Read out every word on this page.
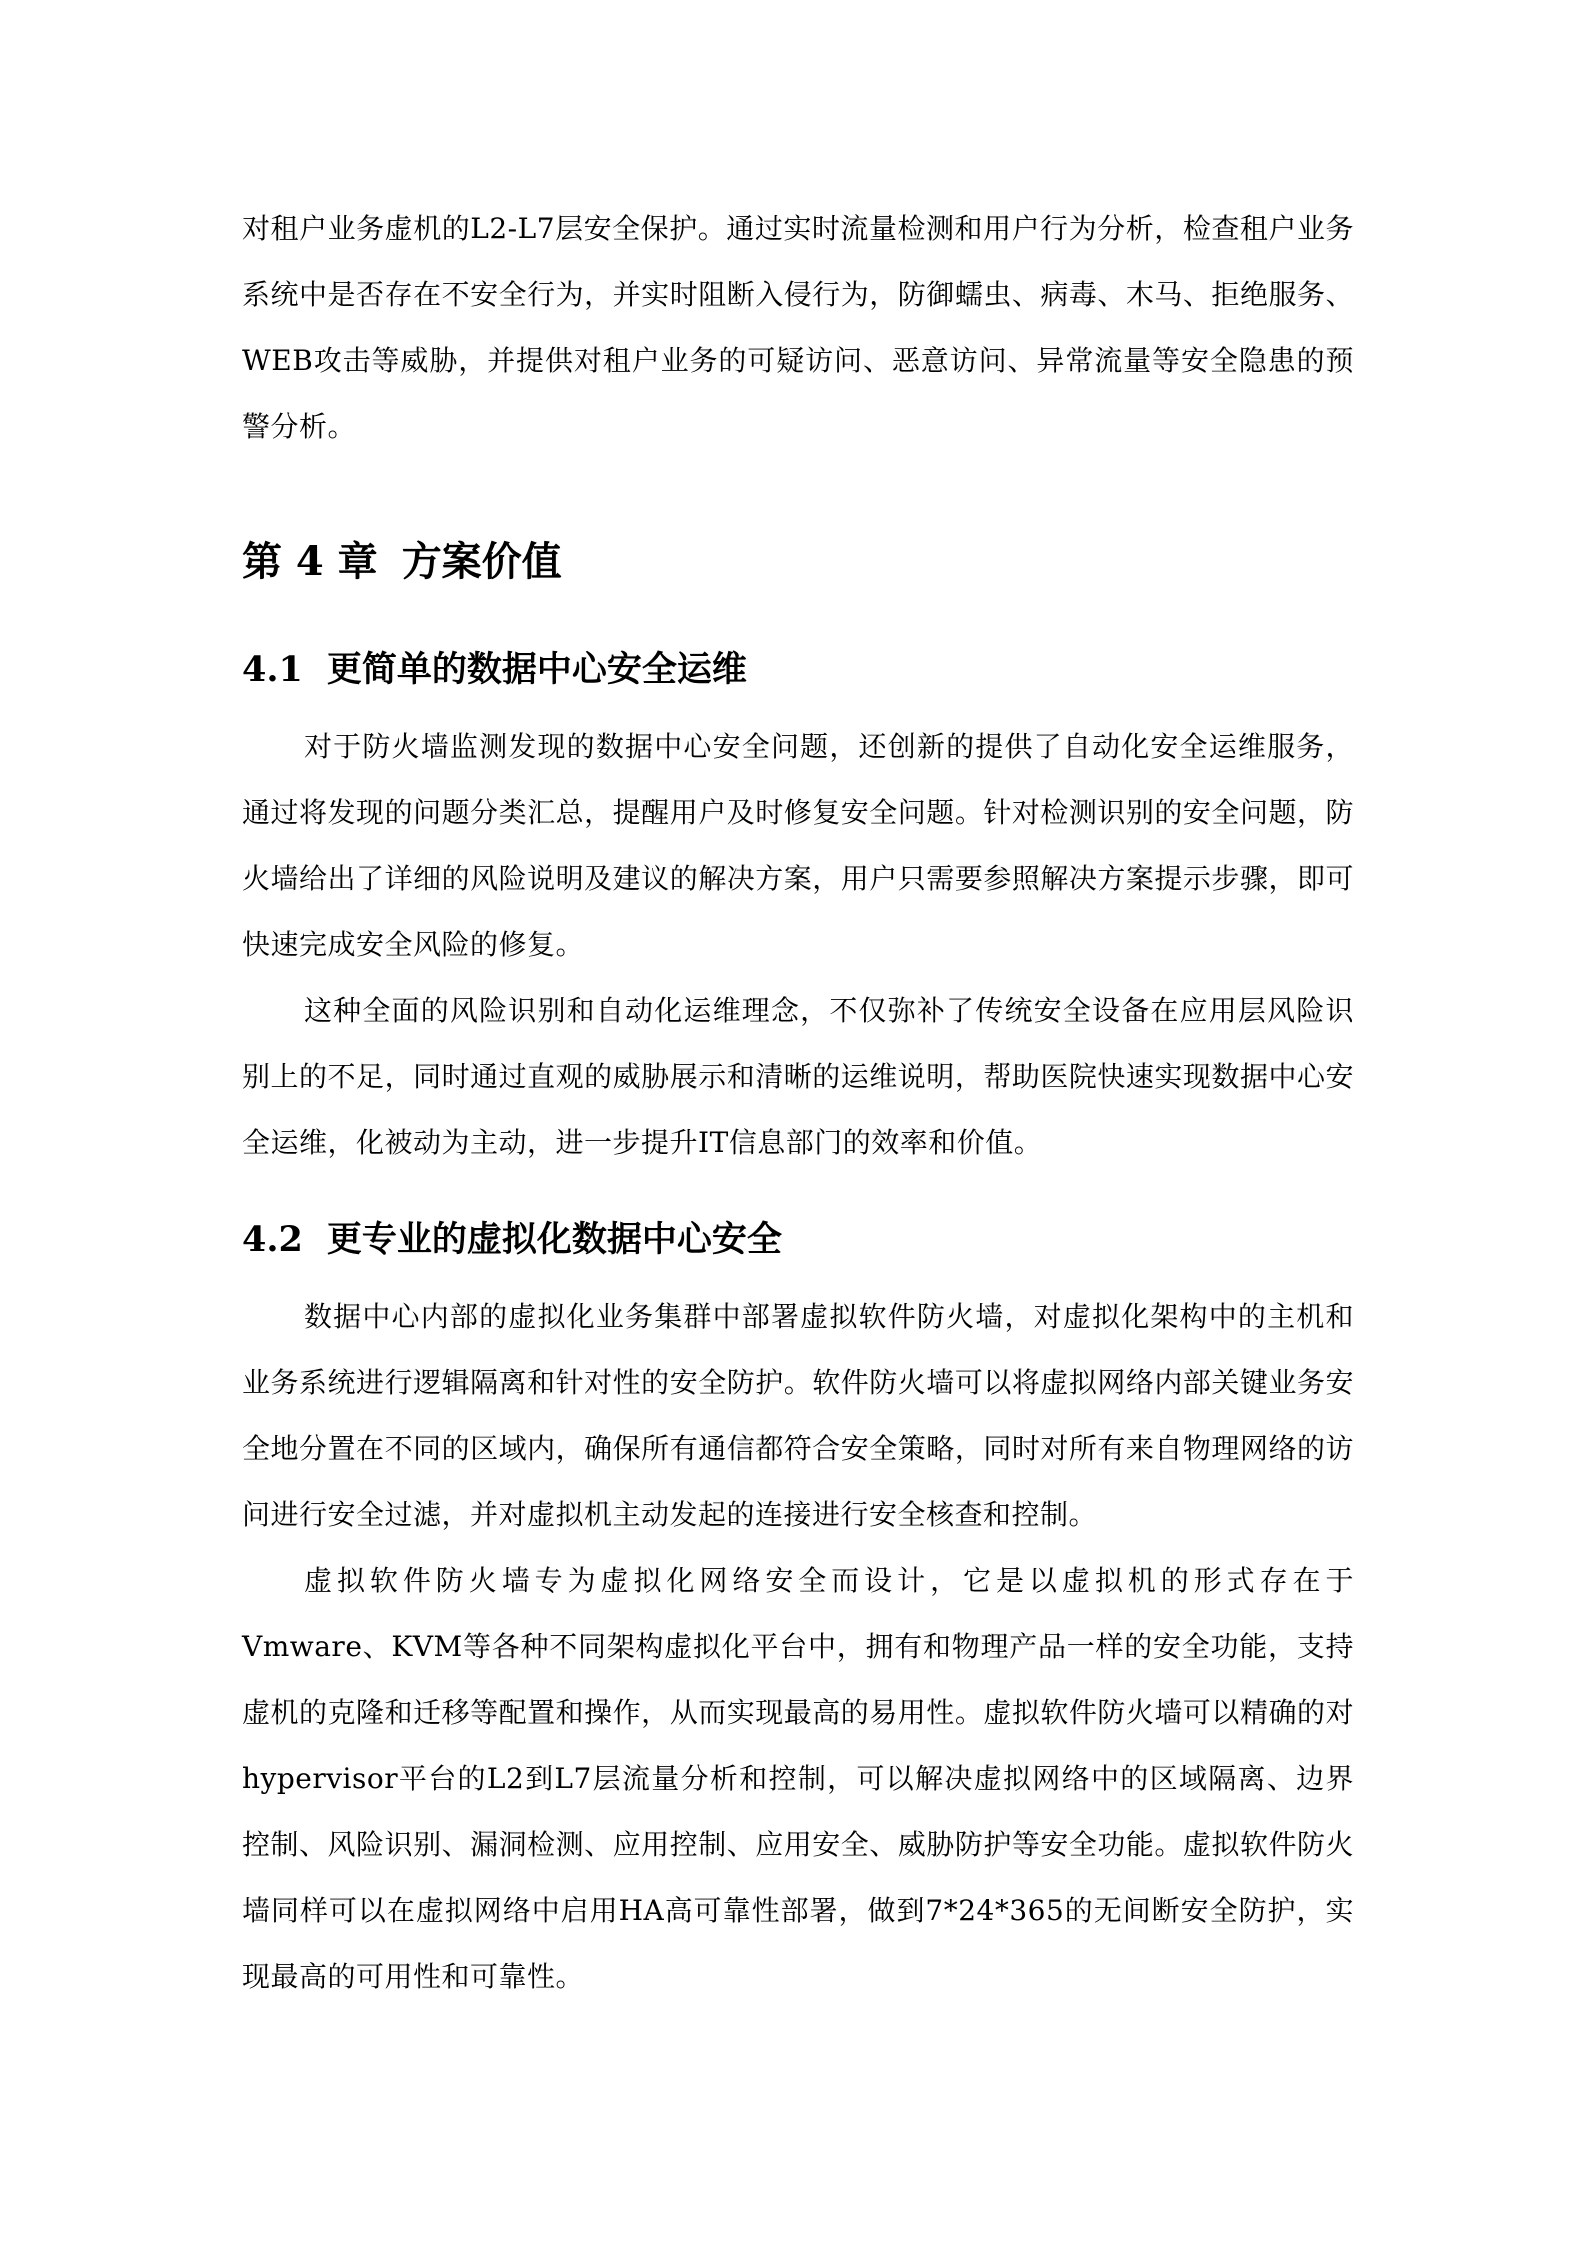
对租户业务虚机的L2-L7层安全保护。通过实时流量检测和用户行为分析，检查租户业务系统中是否存在不安全行为，并实时阻断入侵行为，防御蠕虫、病毒、木马、拒绝服务、WEB攻击等威胁，并提供对租户业务的可疑访问、恶意访问、异常流量等安全隐患的预警分析。

第 4 章 方案价值
4.1 更简单的数据中心安全运维

对于防火墙监测发现的数据中心安全问题，还创新的提供了自动化安全运维服务，通过将发现的问题分类汇总，提醒用户及时修复安全问题。针对检测识别的安全问题，防火墙给出了详细的风险说明及建议的解决方案，用户只需要参照解决方案提示步骤，即可快速完成安全风险的修复。

这种全面的风险识别和自动化运维理念，不仅弥补了传统安全设备在应用层风险识别上的不足，同时通过直观的威胁展示和清晰的运维说明，帮助医院快速实现数据中心安全运维，化被动为主动，进一步提升IT信息部门的效率和价值。

4.2 更专业的虚拟化数据中心安全

数据中心内部的虚拟化业务集群中部署虚拟软件防火墙，对虚拟化架构中的主机和业务系统进行逻辑隔离和针对性的安全防护。软件防火墙可以将虚拟网络内部关键业务安全地分置在不同的区域内，确保所有通信都符合安全策略，同时对所有来自物理网络的访问进行安全过滤，并对虚拟机主动发起的连接进行安全核查和控制。

虚拟软件防火墙专为虚拟化网络安全而设计，它是以虚拟机的形式存在于Vmware、KVM等各种不同架构虚拟化平台中，拥有和物理产品一样的安全功能，支持虚机的克隆和迁移等配置和操作，从而实现最高的易用性。虚拟软件防火墙可以精确的对hypervisor平台的L2到L7层流量分析和控制，可以解决虚拟网络中的区域隔离、边界控制、风险识别、漏洞检测、应用控制、应用安全、威胁防护等安全功能。虚拟软件防火墙同样可以在虚拟网络中启用HA高可靠性部署，做到7*24*365的无间断安全防护，实现最高的可用性和可靠性。
